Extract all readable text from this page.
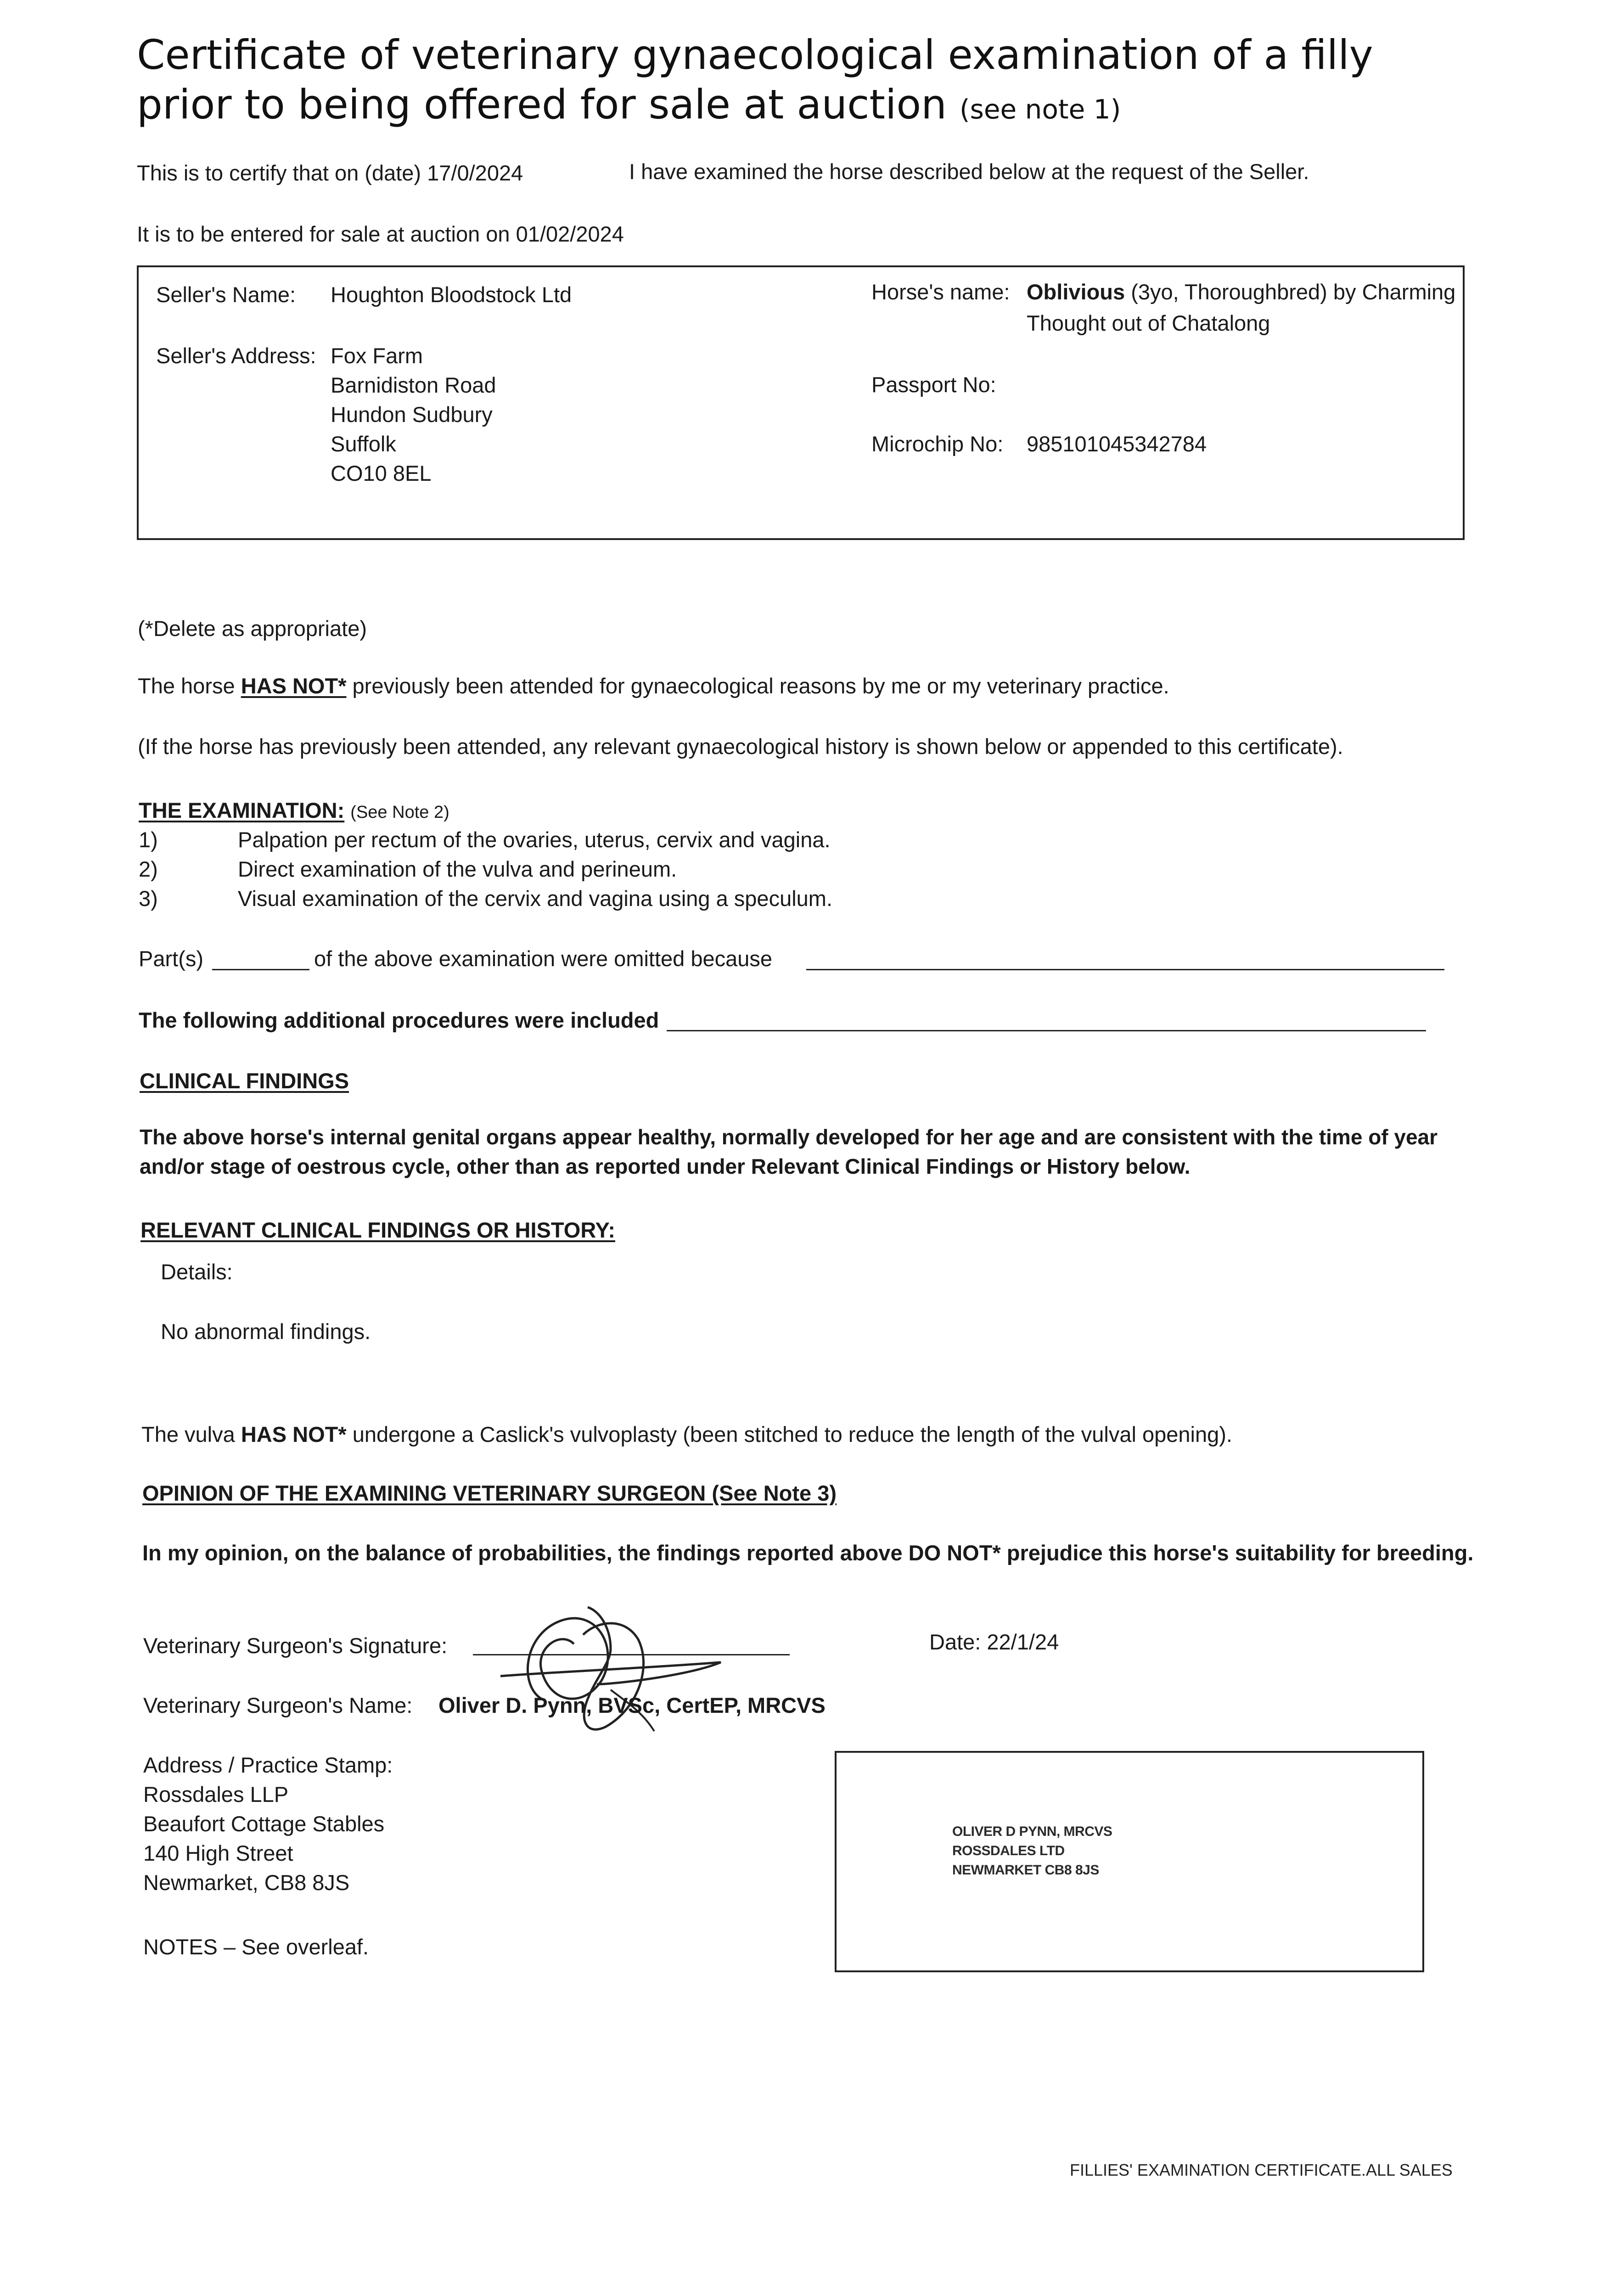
Certificate of veterinary gynaecological examination of a filly
prior to being offered for sale at auction (see note 1)
This is to certify that on (date) 17/0/2024	I have examined the horse described below at the request of the Seller.
It is to be entered for sale at auction on 01/02/2024
Seller's Name: Houghton Bloodstock Ltd
Seller's Address: Fox Farm
Barnidiston Road
Hundon Sudbury
Suffolk
CO10 8EL
Horse's name: Oblivious (3yo, Thoroughbred) by Charming
Thought out of Chatalong
Passport No:
Microchip No: 985101045342784
(*Delete as appropriate)
The horse HAS NOT* previously been attended for gynaecological reasons by me or my veterinary practice.
(If the horse has previously been attended, any relevant gynaecological history is shown below or appended to this certificate).
THE EXAMINATION: (See Note 2)
1)	Palpation per rectum of the ovaries, uterus, cervix and vagina.
2)	Direct examination of the vulva and perineum.
3)	Visual examination of the cervix and vagina using a speculum.
Part(s)	of the above examination were omitted because
The following additional procedures were included
CLINICAL FINDINGS
The above horse's internal genital organs appear healthy, normally developed for her age and are consistent with the time of year
and/or stage of oestrous cycle, other than as reported under Relevant Clinical Findings or History below.
RELEVANT CLINICAL FINDINGS OR HISTORY:
Details:
No abnormal findings.
The vulva HAS NOT* undergone a Caslick's vulvoplasty (been stitched to reduce the length of the vulval opening).
OPINION OF THE EXAMINING VETERINARY SURGEON (See Note 3)
In my opinion, on the balance of probabilities, the findings reported above DO NOT* prejudice this horse's suitability for breeding.
Veterinary Surgeon's Signature:	Date: 22/1/24
Veterinary Surgeon's Name: Oliver D. Pynn, BVSc, CertEP, MRCVS
Address / Practice Stamp:
Rossdales LLP
Beaufort Cottage Stables
140 High Street
Newmarket, CB8 8JS
NOTES – See overleaf.
OLIVER D PYNN, MRCVS
ROSSDALES LTD
NEWMARKET CB8 8JS
FILLIES' EXAMINATION CERTIFICATE.ALL SALES
